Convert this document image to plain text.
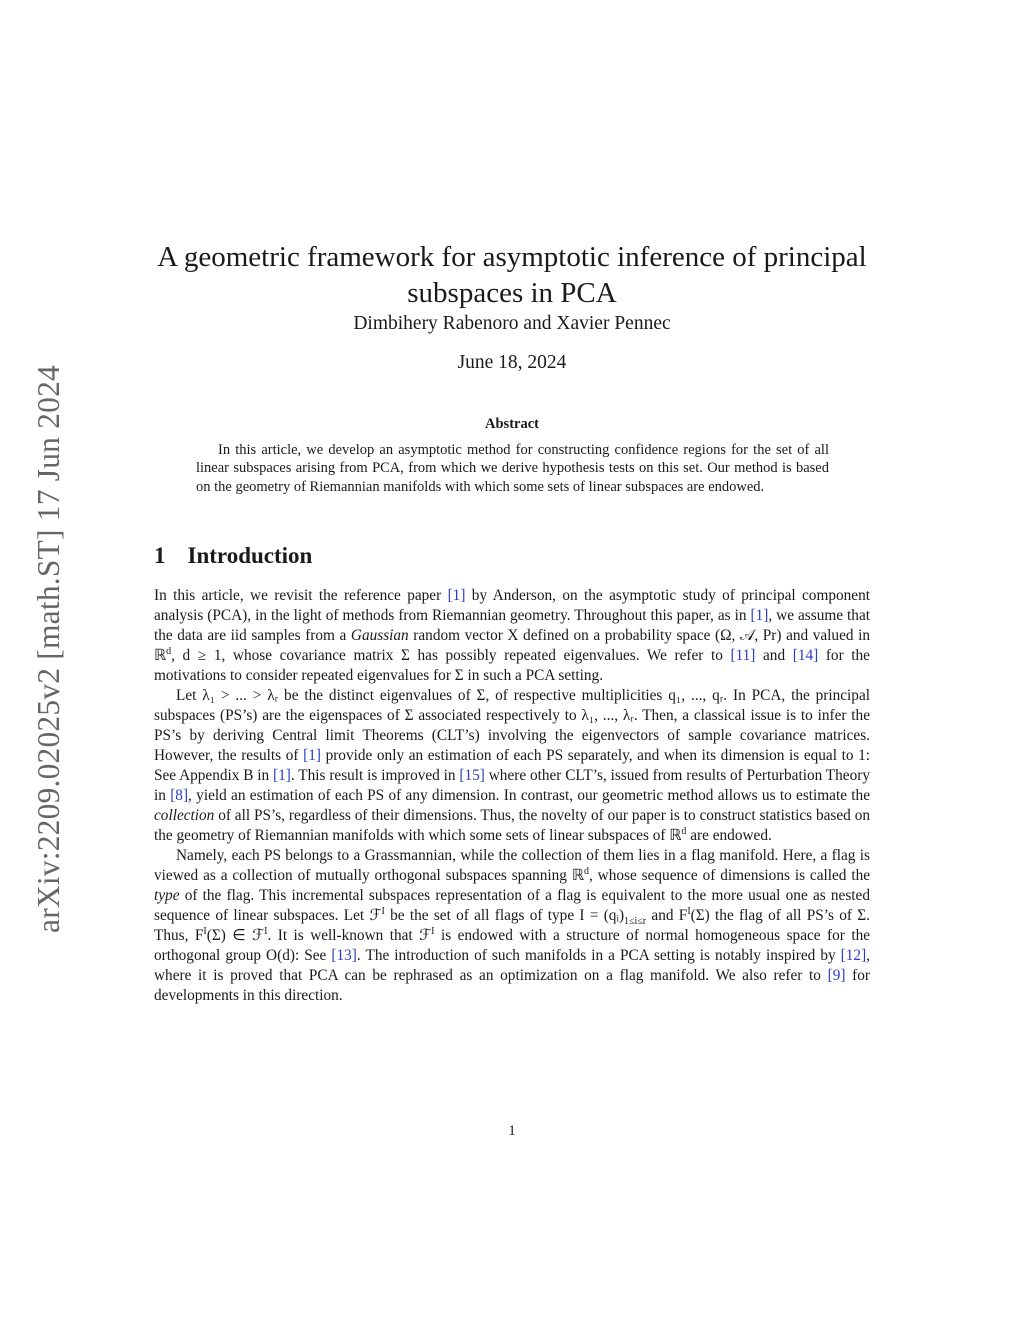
arXiv:2209.02025v2 [math.ST] 17 Jun 2024
A geometric framework for asymptotic inference of principal subspaces in PCA
Dimbihery Rabenoro and Xavier Pennec
June 18, 2024
Abstract
In this article, we develop an asymptotic method for constructing confidence regions for the set of all linear subspaces arising from PCA, from which we derive hypothesis tests on this set. Our method is based on the geometry of Riemannian manifolds with which some sets of linear subspaces are endowed.
1 Introduction

In this article, we revisit the reference paper [1] by Anderson, on the asymptotic study of principal component analysis (PCA), in the light of methods from Riemannian geometry. Throughout this paper, as in [1], we assume that the data are iid samples from a Gaussian random vector X defined on a probability space (Ω, 𝒜, Pr) and valued in ℝ$^d$, d ≥ 1, whose covariance matrix Σ has possibly repeated eigenvalues. We refer to [11] and [14] for the motivations to consider repeated eigenvalues for Σ in such a PCA setting.

Let λ₁ > ... > λᵣ be the distinct eigenvalues of Σ, of respective multiplicities q₁, ..., qᵣ. In PCA, the principal subspaces (PS’s) are the eigenspaces of Σ associated respectively to λ₁, ..., λᵣ. Then, a classical issue is to infer the PS’s by deriving Central limit Theorems (CLT’s) involving the eigenvectors of sample covariance matrices. However, the results of [1] provide only an estimation of each PS separately, and when its dimension is equal to 1: See Appendix B in [1]. This result is improved in [15] where other CLT’s, issued from results of Perturbation Theory in [8], yield an estimation of each PS of any dimension. In contrast, our geometric method allows us to estimate the collection of all PS’s, regardless of their dimensions. Thus, the novelty of our paper is to construct statistics based on the geometry of Riemannian manifolds with which some sets of linear subspaces of ℝ$^d$ are endowed.

Namely, each PS belongs to a Grassmannian, while the collection of them lies in a flag manifold. Here, a flag is viewed as a collection of mutually orthogonal subspaces spanning ℝ$^d$, whose sequence of dimensions is called the type of the flag. This incremental subspaces representation of a flag is equivalent to the more usual one as nested sequence of linear subspaces. Let ℱ$^I$ be the set of all flags of type $I = (qᵢ)_{1\le i\le r}$ and $F^I(\Sigma)$ the flag of all PS’s of Σ. Thus, $F^I(\Sigma)$ ∈ ℱ$^I$. It is well-known that ℱ$^I$ is endowed with a structure of normal homogeneous space for the orthogonal group O(d): See [13]. The introduction of such manifolds in a PCA setting is notably inspired by [12], where it is proved that PCA can be rephrased as an optimization on a flag manifold. We also refer to [9] for developments in this direction.

1
